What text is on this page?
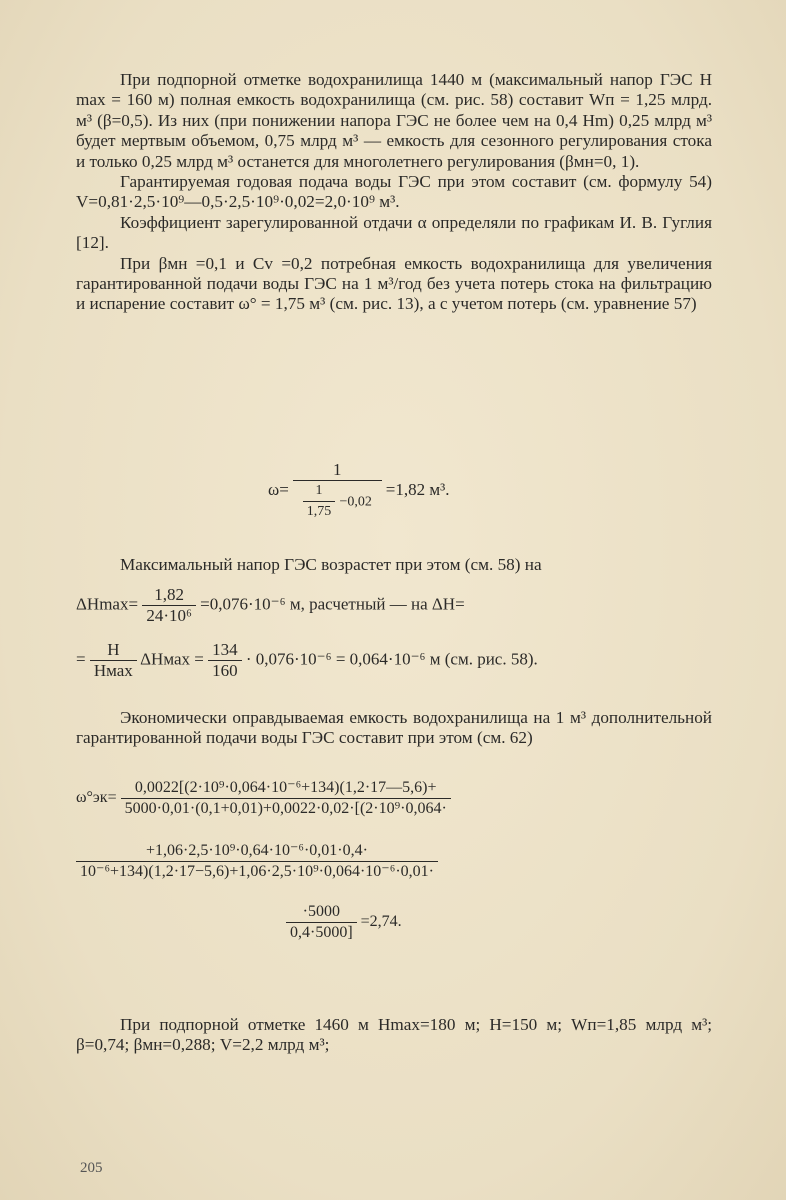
При подпорной отметке водохранилища 1440 м (максимальный напор ГЭС H max = 160 м) полная емкость водохранилища (см. рис. 58) составит Wп = 1,25 млрд. м³ (β=0,5). Из них (при понижении напора ГЭС не более чем на 0,4 Hm) 0,25 млрд м³ будет мертвым объемом, 0,75 млрд м³ — емкость для сезонного регулирования стока и только 0,25 млрд м³ останется для многолетнего регулирования (βмн=0, 1).

Гарантируемая годовая подача воды ГЭС при этом составит (см. формулу 54) V=0,81·2,5·10⁹—0,5·2,5·10⁹·0,02=2,0·10⁹ м³.

Коэффициент зарегулированной отдачи α определяли по графикам И. В. Гуглия [12].

При βмн =0,1 и Cv =0,2 потребная емкость водохранилища для увеличения гарантированной подачи воды ГЭС на 1 м³/год без учета потерь стока на фильтрацию и испарение составит ω° = 1,75 м³ (см. рис. 13), а с учетом потерь (см. уравнение 57)

$\omega= \frac{1}{\frac{1}{1,75} -0,02} =1,82$ м³.

Максимальный напор ГЭС возрастет при этом (см. 58) на

$\Delta Hmax= \frac{1,82}{\text{24·10⁶}} =0,076\cdot 10^{-6}$ м, расчетный — на ΔH=
= $\frac{H}{\text{Hмах}}$ ΔHмах = $\frac{134}{160} \cdot 0,076\cdot 10^{-6} = 0,064\cdot 10^{-6}$ м (см. рис. 58).

Экономически оправдываемая емкость водохранилища на 1 м³ дополнительной гарантированной подачи воды ГЭС составит при этом (см. 62)

$\omega^\circ эк= \frac{\text{0,0022[(2·10⁹·0,064·10⁻⁶+134)(1,2·17—5,6)+}}{\text{5000·0,01·(0,1+0,01)+0,0022·0,02·[(2·10⁹·0,064·}}$
$\frac{\text{+1,06·2,5·10⁹·0,64·10⁻⁶·0,01·0,4·}}{\text{10⁻⁶+134)(1,2·17−5,6)+1,06·2,5·10⁹·0,064·10⁻⁶·0,01·}}$
$\frac{\cdot 5000}{0,4\cdot 5000]} =2,74$.

При подпорной отметке 1460 м Hmax=180 м; H=150 м; Wп=1,85 млрд м³; β=0,74; βмн=0,288; V=2,2 млрд м³;

205
